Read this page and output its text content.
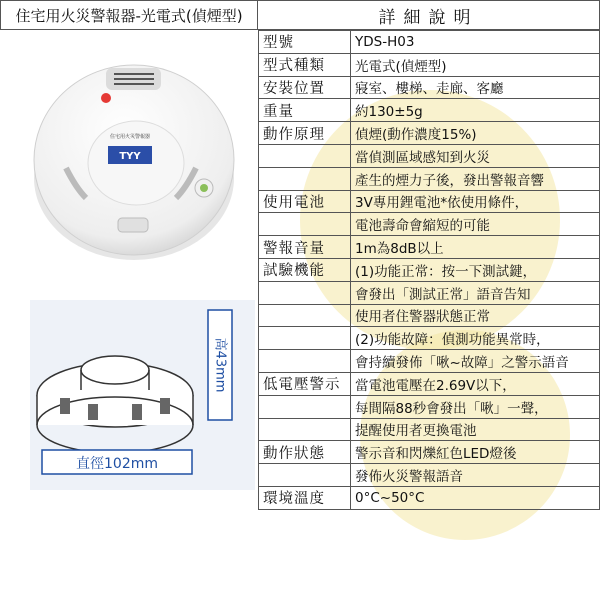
住宅用火災警報器-光電式(偵煙型)	詳細說明
TYY
住宅用火災警報器
直徑102mm
高43mm
型號	YDS-H03
型式種類	光電式(偵煙型)
安裝位置	寢室、樓梯、走廊、客廳
重量	約130±5g
動作原理	偵煙(動作濃度15%)
	當偵測區域感知到火災
	產生的煙力子後，發出警報音響
使用電池	3V專用鋰電池*依使用條件，
	電池壽命會縮短的可能
警報音量	1m為8dB以上
試驗機能	(1)功能正常：按一下測試鍵，
	會發出「測試正常」語音告知
	使用者住警器狀態正常
	(2)功能故障：偵測功能異常時，
	會持續發佈「啾~故障」之警示語音
低電壓警示	當電池電壓在2.69V以下，
	每間隔88秒會發出「啾」一聲，
	提醒使用者更換電池
動作狀態	警示音和閃爍紅色LED燈後
	發佈火災警報語音
環境溫度	0°C~50°C
